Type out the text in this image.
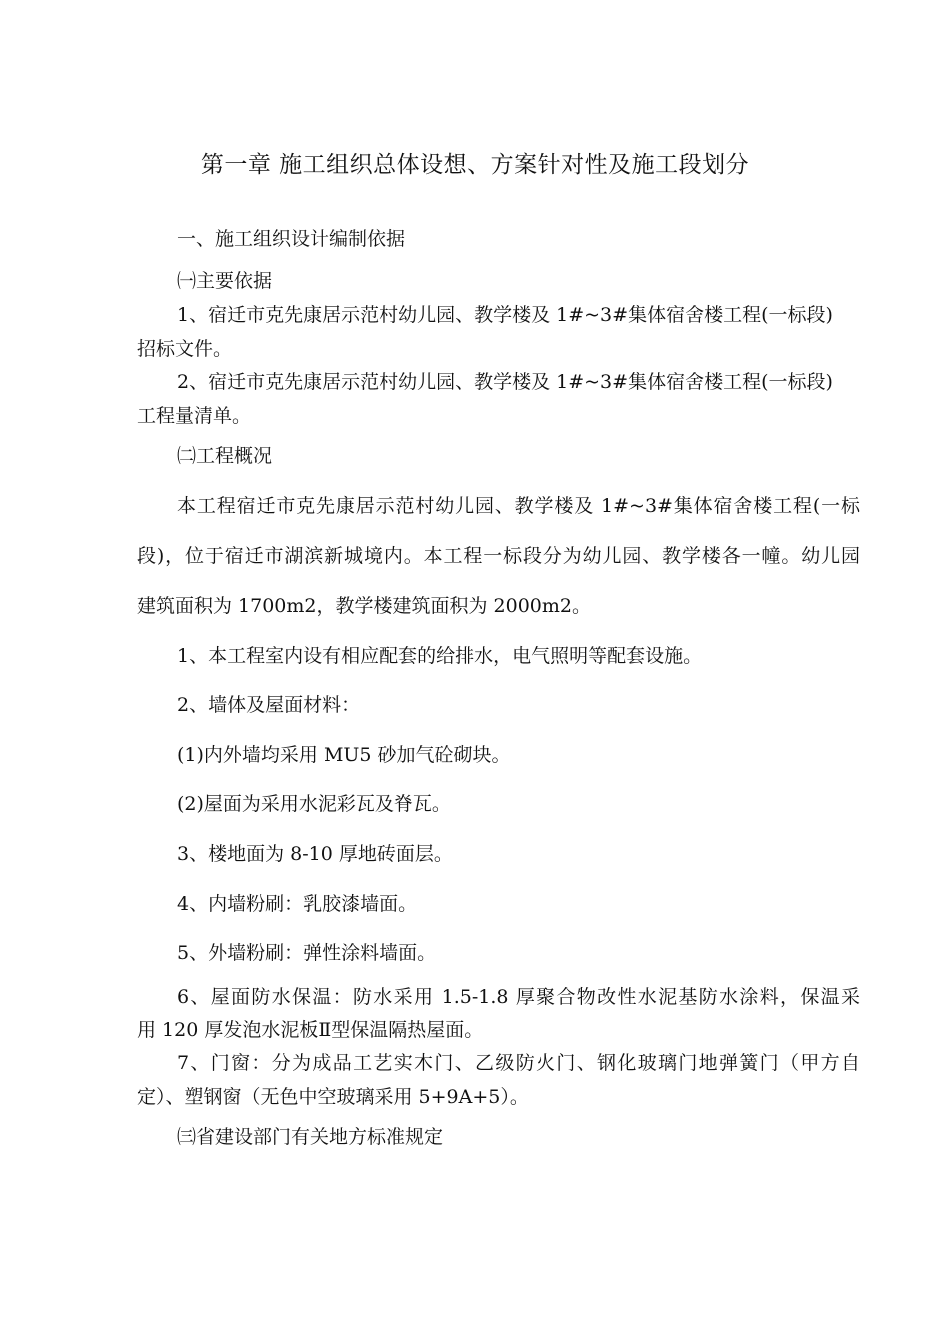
第一章 施工组织总体设想、方案针对性及施工段划分
一、施工组织设计编制依据
㈠主要依据
1、宿迁市克先康居示范村幼儿园、教学楼及 1#~3#集体宿舍楼工程(一标段)
招标文件。
2、宿迁市克先康居示范村幼儿园、教学楼及 1#~3#集体宿舍楼工程(一标段)
工程量清单。
㈡工程概况
本工程宿迁市克先康居示范村幼儿园、教学楼及 1#~3#集体宿舍楼工程(一标
段)，位于宿迁市湖滨新城境内。本工程一标段分为幼儿园、教学楼各一幢。幼儿园
建筑面积为 1700m2，教学楼建筑面积为 2000m2。
1、本工程室内设有相应配套的给排水，电气照明等配套设施。
2、墙体及屋面材料：
(1)内外墙均采用 MU5 砂加气砼砌块。
(2)屋面为采用水泥彩瓦及脊瓦。
3、楼地面为 8-10 厚地砖面层。
4、内墙粉刷：乳胶漆墙面。
5、外墙粉刷：弹性涂料墙面。
6、屋面防水保温：防水采用 1.5-1.8 厚聚合物改性水泥基防水涂料，保温采
用 120 厚发泡水泥板Ⅱ型保温隔热屋面。
7、门窗：分为成品工艺实木门、乙级防火门、钢化玻璃门地弹簧门（甲方自
定）、塑钢窗（无色中空玻璃采用 5+9A+5）。
㈢省建设部门有关地方标准规定
